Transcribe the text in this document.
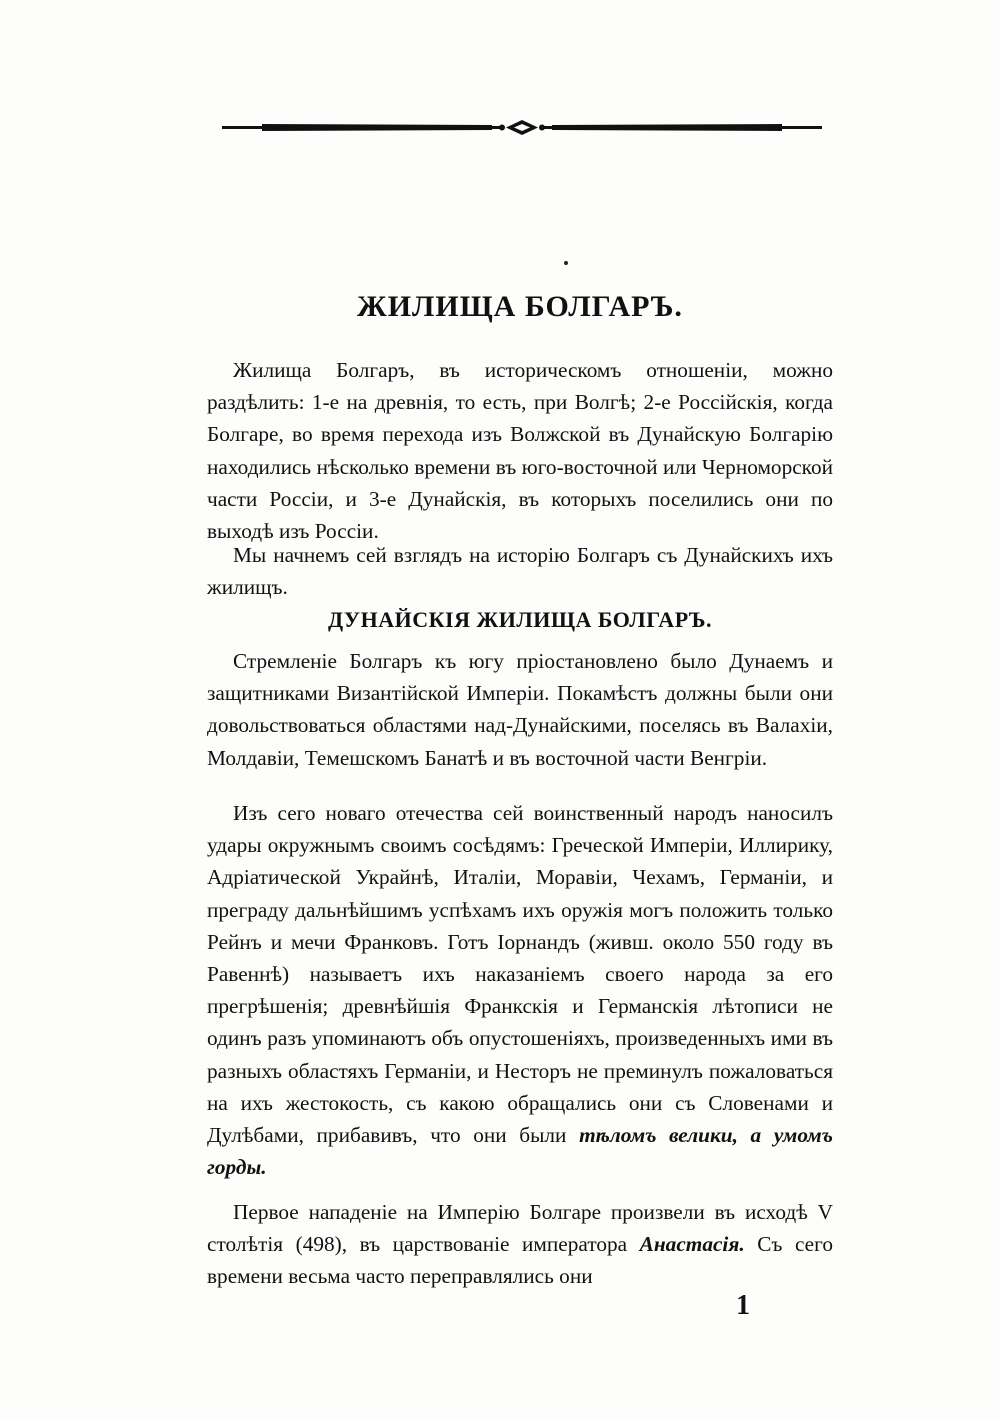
ЖИЛИЩА БОЛГАРЪ.

Жилища Болгаръ, въ историческомъ отношенiи, можно раздѣлить: 1-е на древнiя, то есть, при Волгѣ; 2-е Россiйскiя, когда Болгаре, во время перехода изъ Волжской въ Дунайскую Болгарiю находились нѣсколько времени въ юго-восточной или Черноморской части Россiи, и 3-е Дунайскiя, въ которыхъ поселились они по выходѣ изъ Россiи.

Мы начнемъ сей взглядъ на исторiю Болгаръ съ Дунайскихъ ихъ жилищъ.

ДУНАЙСКIЯ ЖИЛИЩА БОЛГАРЪ.

Стремленiе Болгаръ къ югу прiостановлено было Дунаемъ и защитниками Византiйской Имперiи. Покамѣстъ должны были они довольствоваться областями над-Дунайскими, поселясь въ Валахiи, Молдавiи, Темешскомъ Банатѣ и въ восточной части Венгрiи.

Изъ сего новаго отечества сей воинственный народъ наносилъ удары окружнымъ своимъ сосѣдямъ: Греческой Имперiи, Иллирику, Адрiатической Украйнѣ, Италiи, Моравiи, Чехамъ, Германiи, и преграду дальнѣйшимъ успѣхамъ ихъ оружiя могъ положить только Рейнъ и мечи Франковъ. Готъ Iорнандъ (живш. около 550 году въ Равеннѣ) называетъ ихъ наказанiемъ своего народа за его прегрѣшенiя; древнѣйшiя Франкскiя и Германскiя лѣтописи не одинъ разъ упоминаютъ объ опустошенiяхъ, произведенныхъ ими въ разныхъ областяхъ Германiи, и Несторъ не преминулъ пожаловаться на ихъ жестокость, съ какою обращались они съ Словенами и Дулѣбами, прибавивъ, что они были тѣломъ велики, а умомъ горды.

Первое нападенiе на Имперiю Болгаре произвели въ исходѣ V столѣтiя (498), въ царствованiе императора Анастасiя. Съ сего времени весьма часто переправлялись они

1
